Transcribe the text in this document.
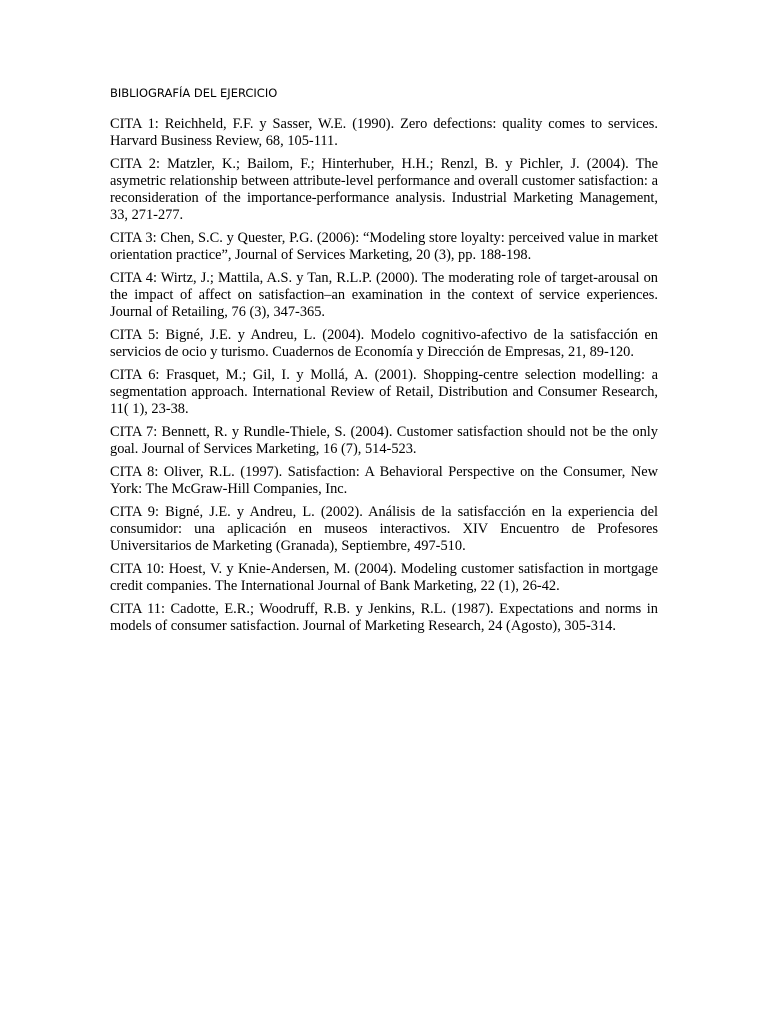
BIBLIOGRAFÍA DEL EJERCICIO

CITA 1: Reichheld, F.F. y Sasser, W.E. (1990). Zero defections: quality comes to services. Harvard Business Review, 68, 105-111.
CITA 2: Matzler, K.; Bailom, F.; Hinterhuber, H.H.; Renzl, B. y Pichler, J. (2004). The asymetric relationship between attribute-level performance and overall customer satisfaction: a reconsideration of the importance-performance analysis. Industrial Marketing Management, 33, 271-277.
CITA 3: Chen, S.C. y Quester, P.G. (2006): “Modeling store loyalty: perceived value in market orientation practice”, Journal of Services Marketing, 20 (3), pp. 188-198.
CITA 4: Wirtz, J.; Mattila, A.S. y Tan, R.L.P. (2000). The moderating role of target-arousal on the impact of affect on satisfaction–an examination in the context of service experiences. Journal of Retailing, 76 (3), 347-365.
CITA 5: Bigné, J.E. y Andreu, L. (2004). Modelo cognitivo-afectivo de la satisfacción en servicios de ocio y turismo. Cuadernos de Economía y Dirección de Empresas, 21, 89-120.
CITA 6: Frasquet, M.; Gil, I. y Mollá, A. (2001). Shopping-centre selection modelling: a segmentation approach. International Review of Retail, Distribution and Consumer Research, 11( 1), 23-38.
CITA 7: Bennett, R. y Rundle-Thiele, S. (2004). Customer satisfaction should not be the only goal. Journal of Services Marketing, 16 (7), 514-523.
CITA 8: Oliver, R.L. (1997). Satisfaction: A Behavioral Perspective on the Consumer, New York: The McGraw-Hill Companies, Inc.
CITA 9: Bigné, J.E. y Andreu, L. (2002). Análisis de la satisfacción en la experiencia del consumidor: una aplicación en museos interactivos. XIV Encuentro de Profesores Universitarios de Marketing (Granada), Septiembre, 497-510.
CITA 10: Hoest, V. y Knie-Andersen, M. (2004). Modeling customer satisfaction in mortgage credit companies. The International Journal of Bank Marketing, 22 (1), 26-42.
CITA 11: Cadotte, E.R.; Woodruff, R.B. y Jenkins, R.L. (1987). Expectations and norms in models of consumer satisfaction. Journal of Marketing Research, 24 (Agosto), 305-314.
